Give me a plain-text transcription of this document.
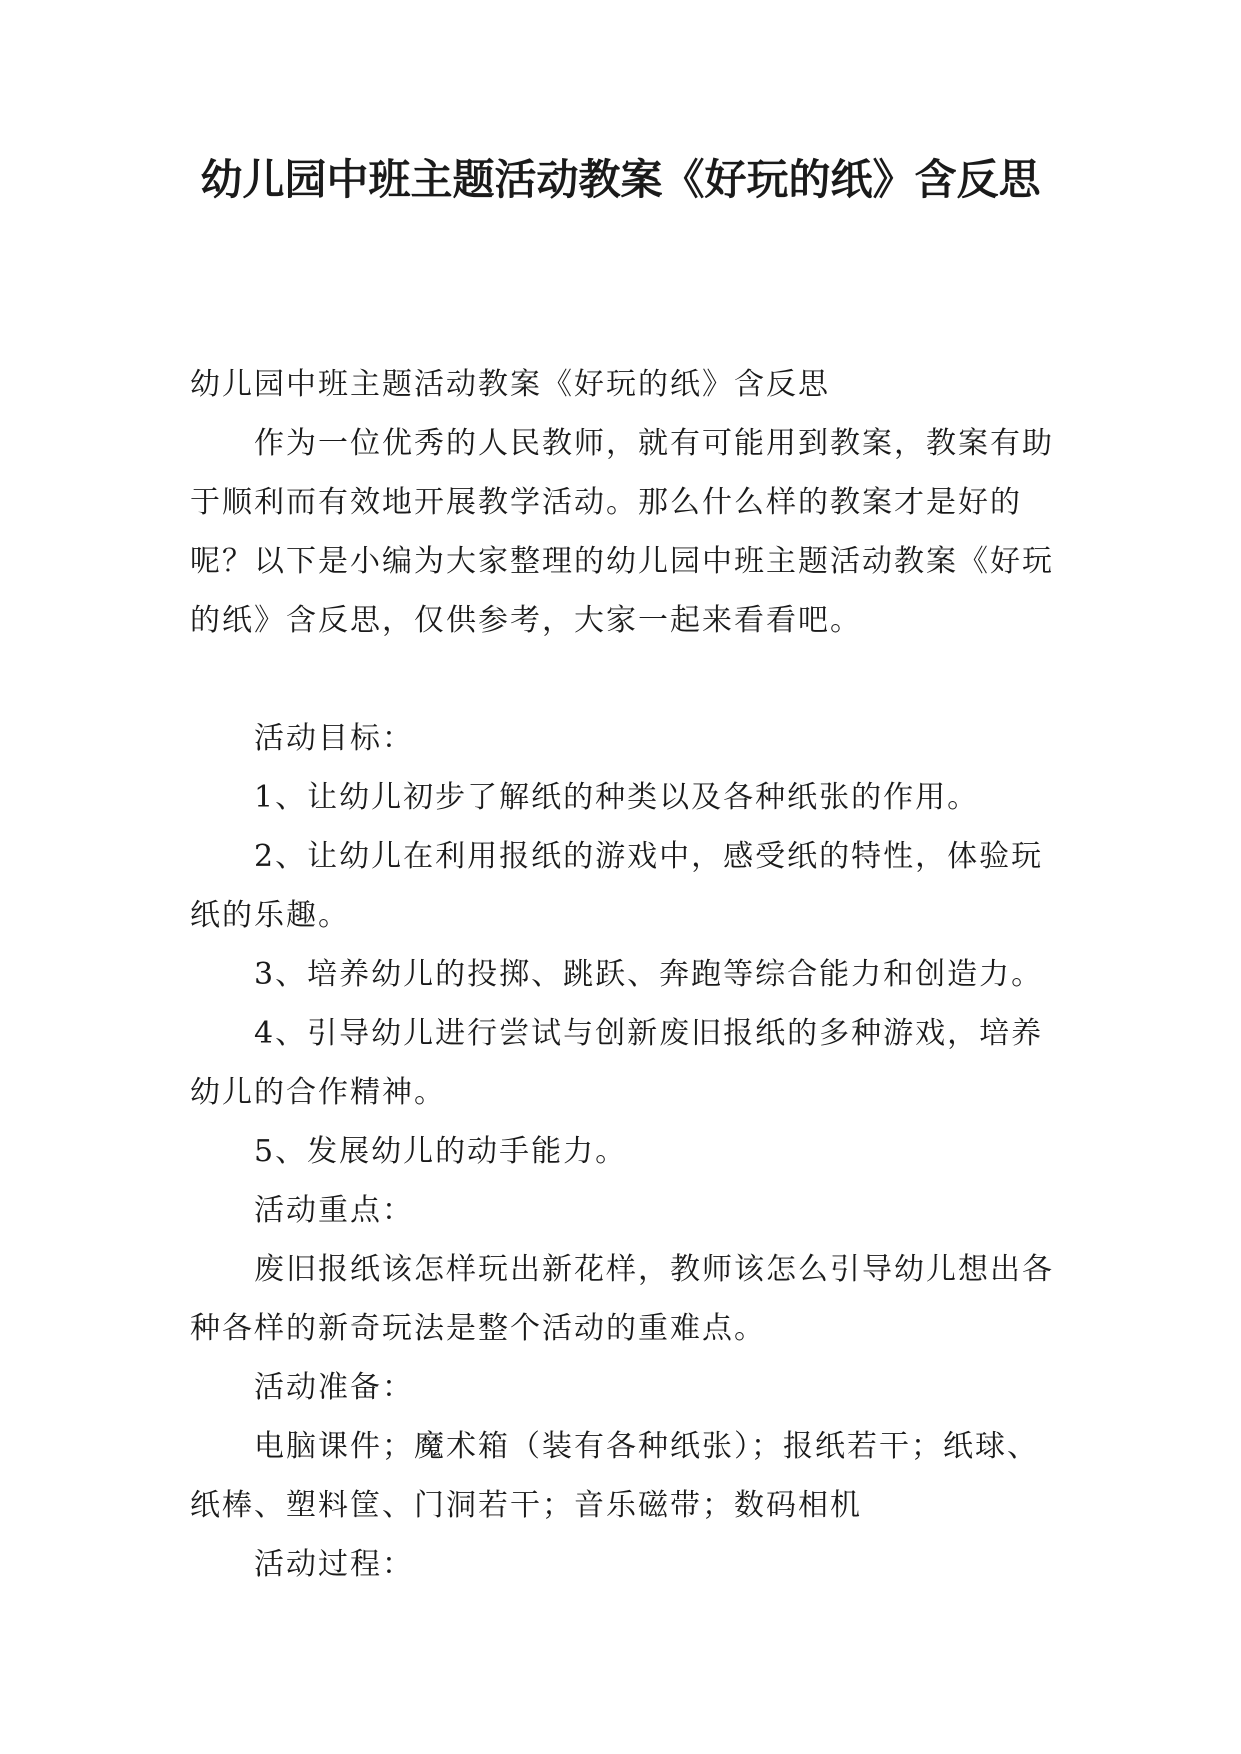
幼儿园中班主题活动教案《好玩的纸》含反思

幼儿园中班主题活动教案《好玩的纸》含反思

作为一位优秀的人民教师，就有可能用到教案，教案有助于顺利而有效地开展教学活动。那么什么样的教案才是好的呢？以下是小编为大家整理的幼儿园中班主题活动教案《好玩的纸》含反思，仅供参考，大家一起来看看吧。

活动目标：

1、让幼儿初步了解纸的种类以及各种纸张的作用。

2、让幼儿在利用报纸的游戏中，感受纸的特性，体验玩纸的乐趣。

3、培养幼儿的投掷、跳跃、奔跑等综合能力和创造力。

4、引导幼儿进行尝试与创新废旧报纸的多种游戏，培养幼儿的合作精神。

5、发展幼儿的动手能力。

活动重点：

废旧报纸该怎样玩出新花样，教师该怎么引导幼儿想出各种各样的新奇玩法是整个活动的重难点。

活动准备：

电脑课件；魔术箱（装有各种纸张）；报纸若干；纸球、纸棒、塑料筐、门洞若干；音乐磁带；数码相机

活动过程：
